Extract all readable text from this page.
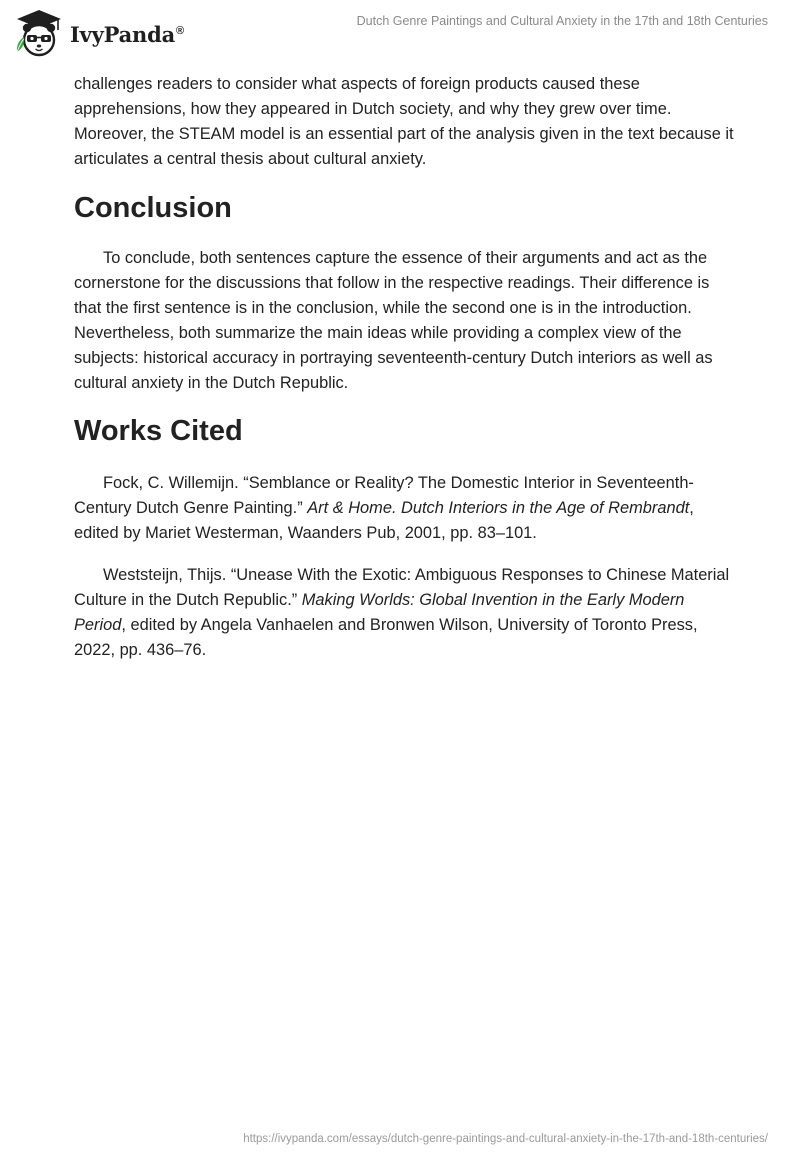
IvyPanda®
Dutch Genre Paintings and Cultural Anxiety in the 17th and 18th Centuries

challenges readers to consider what aspects of foreign products caused these apprehensions, how they appeared in Dutch society, and why they grew over time. Moreover, the STEAM model is an essential part of the analysis given in the text because it articulates a central thesis about cultural anxiety.

Conclusion

To conclude, both sentences capture the essence of their arguments and act as the cornerstone for the discussions that follow in the respective readings. Their difference is that the first sentence is in the conclusion, while the second one is in the introduction. Nevertheless, both summarize the main ideas while providing a complex view of the subjects: historical accuracy in portraying seventeenth-century Dutch interiors as well as cultural anxiety in the Dutch Republic.

Works Cited

Fock, C. Willemijn. “Semblance or Reality? The Domestic Interior in Seventeenth-Century Dutch Genre Painting.” Art & Home. Dutch Interiors in the Age of Rembrandt, edited by Mariet Westerman, Waanders Pub, 2001, pp. 83–101.

Weststeijn, Thijs. “Unease With the Exotic: Ambiguous Responses to Chinese Material Culture in the Dutch Republic.” Making Worlds: Global Invention in the Early Modern Period, edited by Angela Vanhaelen and Bronwen Wilson, University of Toronto Press, 2022, pp. 436–76.

https://ivypanda.com/essays/dutch-genre-paintings-and-cultural-anxiety-in-the-17th-and-18th-centuries/
